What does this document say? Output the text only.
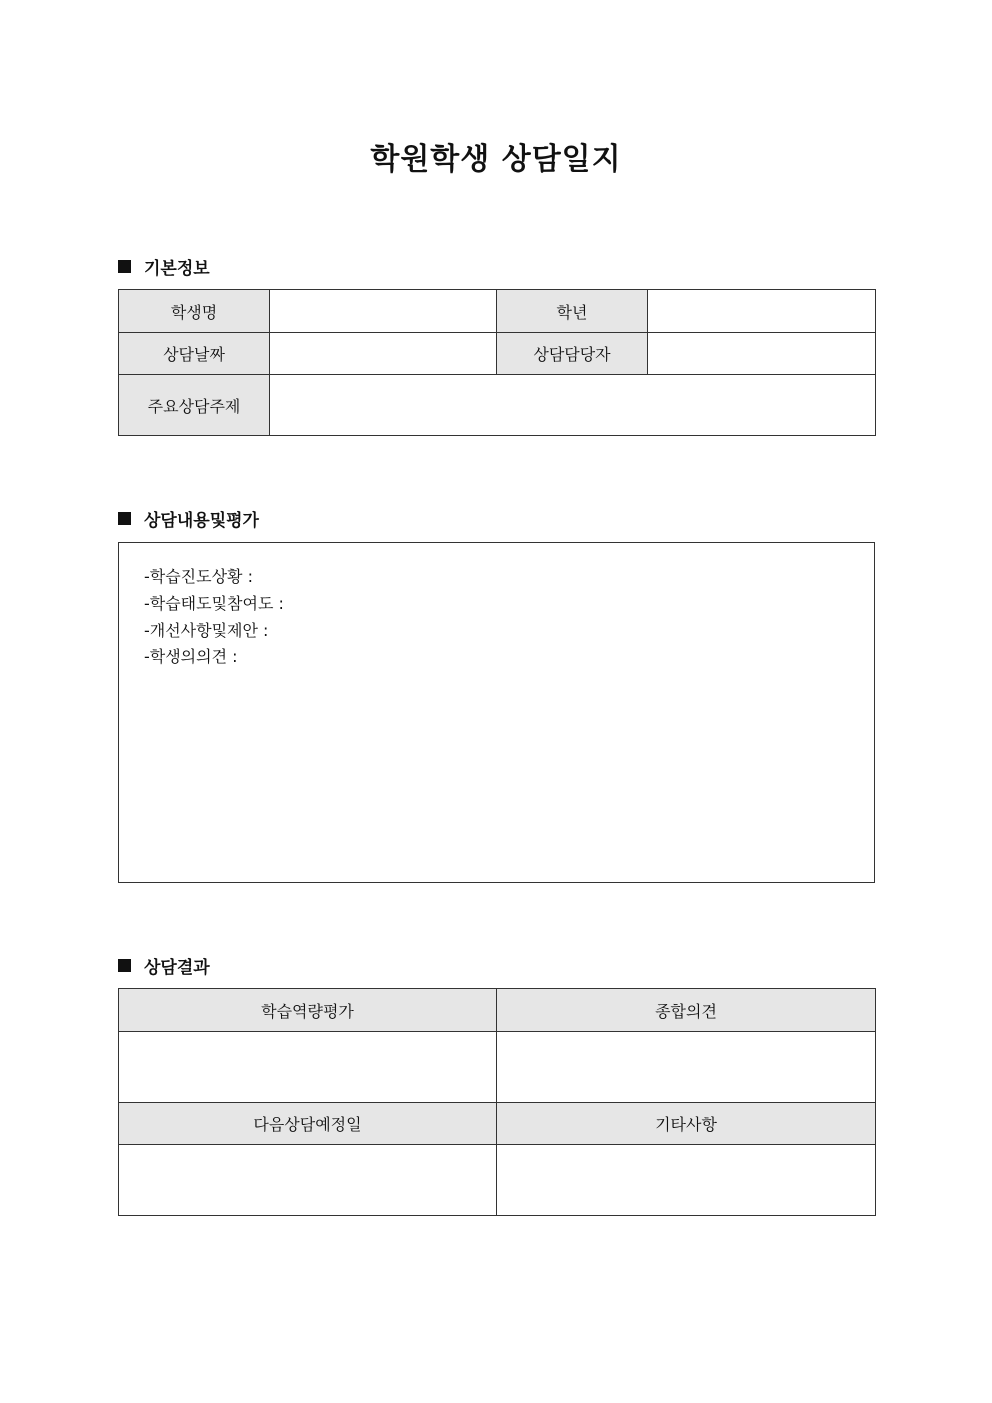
학원학생 상담일지
기본정보
학생명		학년	
상담날짜		상담담당자	
주요상담주제			
상담내용및평가
-학습진도상황 :
-학습태도및참여도 :
-개선사항및제안 :
-학생의의견 :
상담결과
학습역량평가	종합의견

다음상담예정일	기타사항
